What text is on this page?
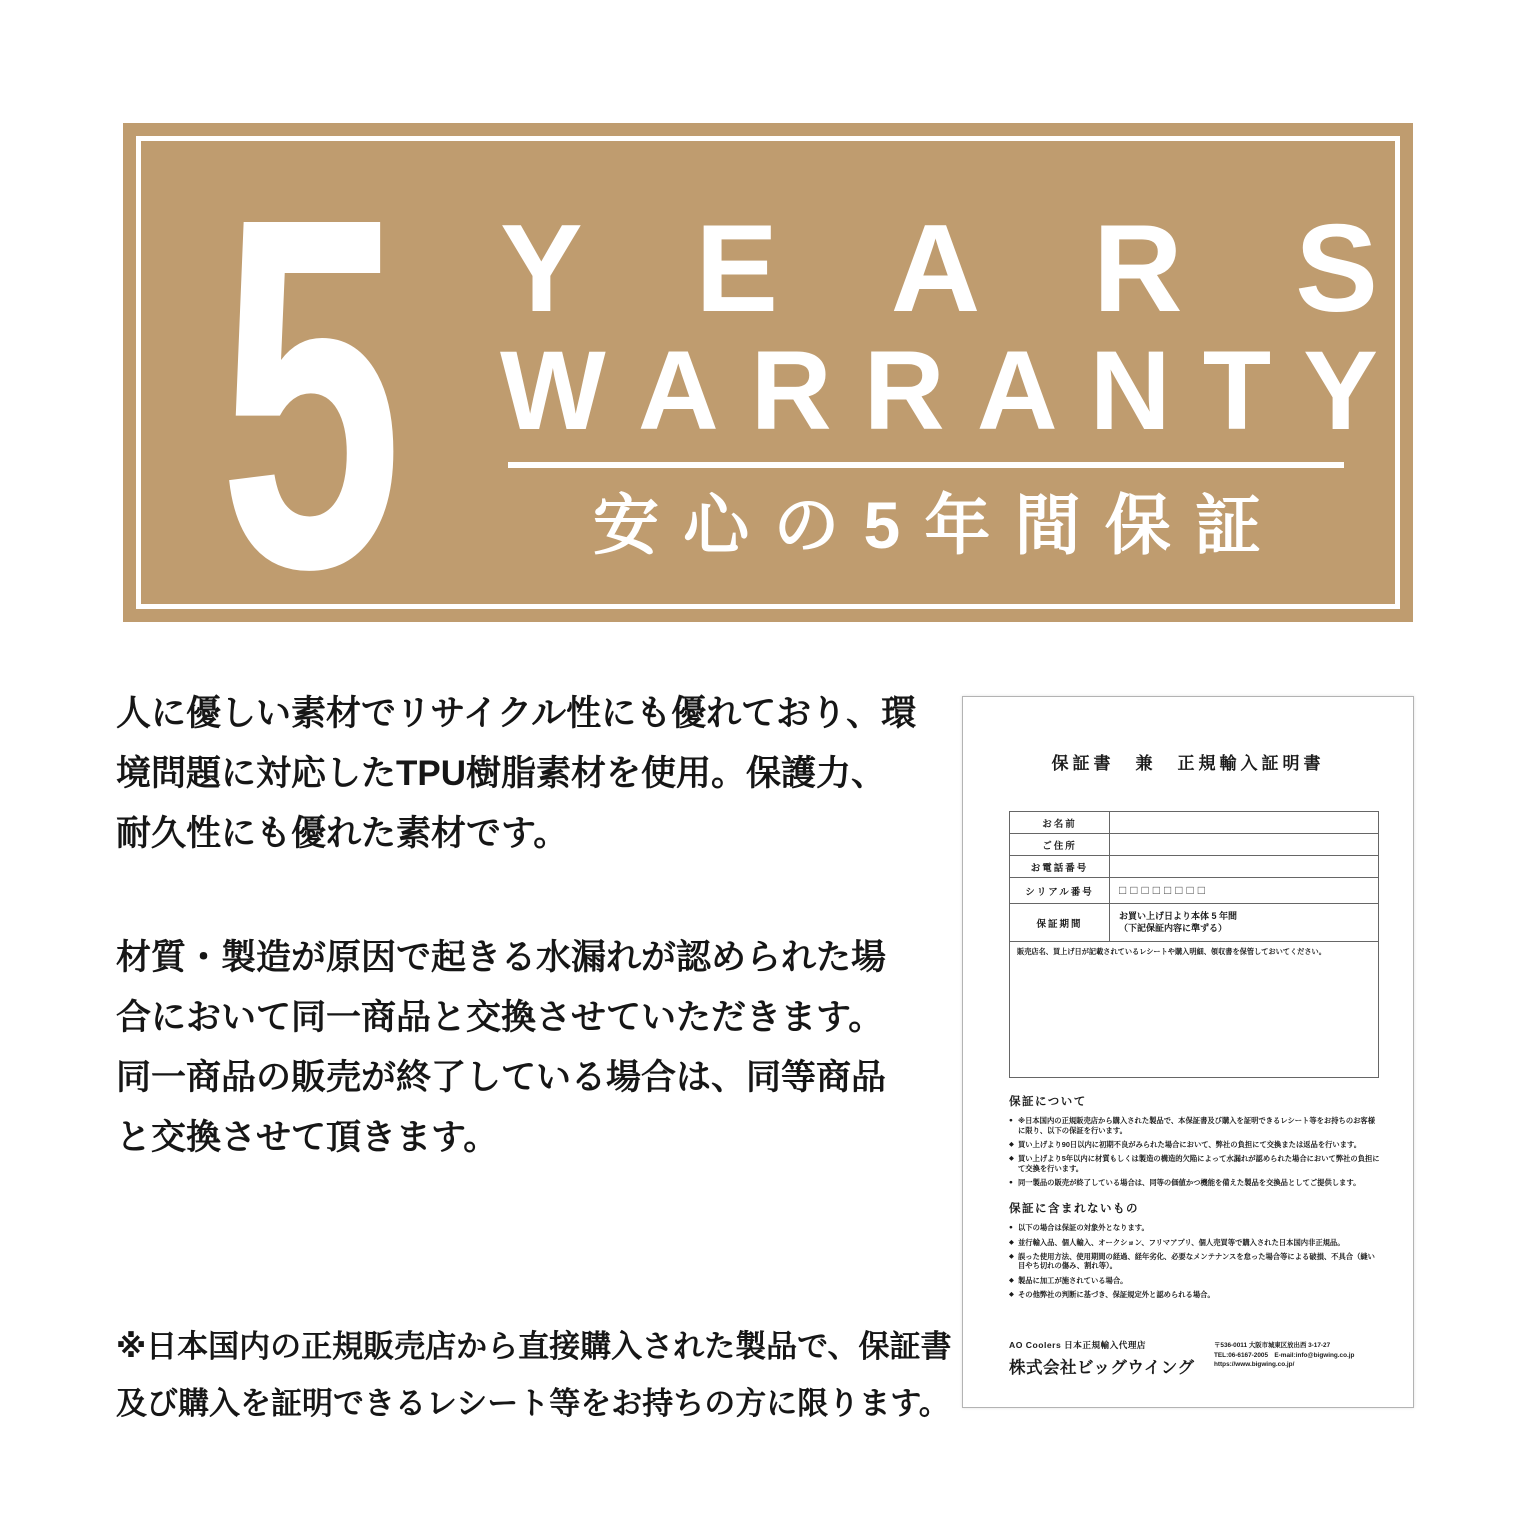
5 Y E A R S
W A R R A N T Y
安 心 の 5 年 間 保 証
人に優しい素材でリサイクル性にも優れており、環
境問題に対応したTPU樹脂素材を使用。保護力、
耐久性にも優れた素材です。
材質・製造が原因で起きる水漏れが認められた場
合において同一商品と交換させていただきます。
同一商品の販売が終了している場合は、同等商品
と交換させて頂きます。
※日本国内の正規販売店から直接購入された製品で、保証書
及び購入を証明できるレシート等をお持ちの方に限ります。
保証書　兼　正規輸入証明書
お名前
ご住所
お電話番号
シリアル番号	□□□□□□□□
保証期間
お買い上げ日より本体 5 年間
（下記保証内容に準ずる）
販売店名、買上げ日が記載されているレシートや購入明細、領収書を保管しておいてください。
保証について
● ※日本国内の正規販売店から購入された製品で、本保証書及び購入を証明できるレシート等をお持ちのお客様に限り、以下の保証を行います。
◆ 買い上げより90日以内に初期不良がみられた場合において、弊社の負担にて交換または返品を行います。
◆ 買い上げより5年以内に材質もしくは製造の構造的欠陥によって水漏れが認められた場合において弊社の負担にて交換を行います。
● 同一製品の販売が終了している場合は、同等の価値かつ機能を備えた製品を交換品としてご提供します。
保証に含まれないもの
● 以下の場合は保証の対象外となります。
◆ 並行輸入品、個人輸入、オークション、フリマアプリ、個人売買等で購入された日本国内非正規品。
◆ 誤った使用方法、使用期間の経過、経年劣化、必要なメンテナンスを怠った場合等による破損、不具合（縫い目やち切れの傷み、割れ等）。
◆ 製品に加工が施されている場合。
◆ その他弊社の判断に基づき、保証規定外と認められる場合。
AO Coolers 日本正規輸入代理店
株式会社ビッグウイング
〒536-0011 大阪市城東区放出西 3-17-27
TEL:06-6167-2005　E-mail:info@bigwing.co.jp
https://www.bigwing.co.jp/
